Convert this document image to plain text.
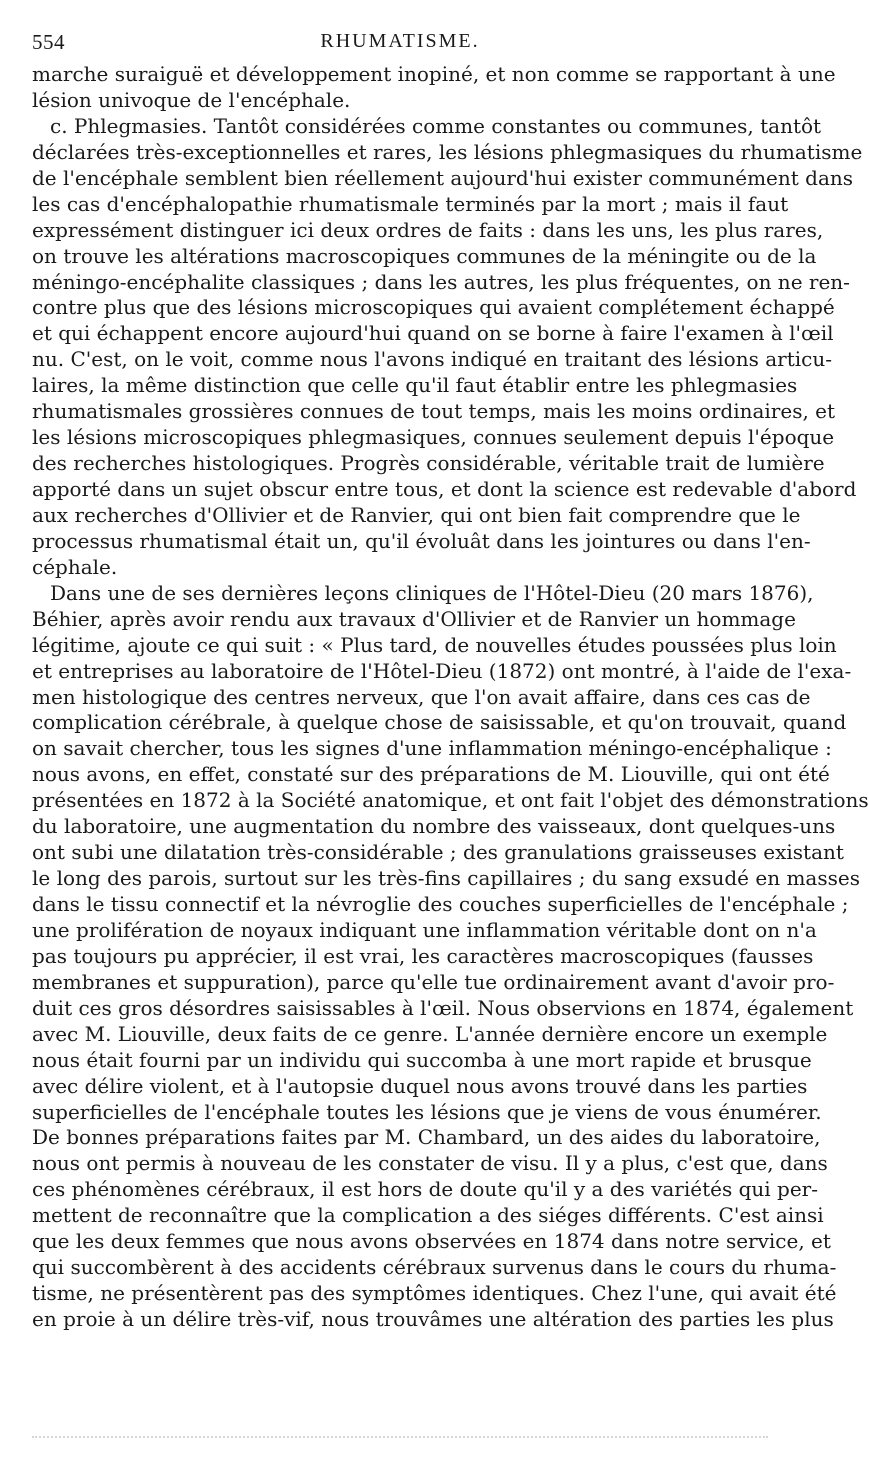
554	RHUMATISME.
marche suraiguë et développement inopiné, et non comme se rapportant à une
lésion univoque de l'encéphale.
c. Phlegmasies. Tantôt considérées comme constantes ou communes, tantôt
déclarées très-exceptionnelles et rares, les lésions phlegmasiques du rhumatisme
de l'encéphale semblent bien réellement aujourd'hui exister communément dans
les cas d'encéphalopathie rhumatismale terminés par la mort ; mais il faut
expressément distinguer ici deux ordres de faits : dans les uns, les plus rares,
on trouve les altérations macroscopiques communes de la méningite ou de la
méningo-encéphalite classiques ; dans les autres, les plus fréquentes, on ne ren-
contre plus que des lésions microscopiques qui avaient complétement échappé
et qui échappent encore aujourd'hui quand on se borne à faire l'examen à l'œil
nu. C'est, on le voit, comme nous l'avons indiqué en traitant des lésions articu-
laires, la même distinction que celle qu'il faut établir entre les phlegmasies
rhumatismales grossières connues de tout temps, mais les moins ordinaires, et
les lésions microscopiques phlegmasiques, connues seulement depuis l'époque
des recherches histologiques. Progrès considérable, véritable trait de lumière
apporté dans un sujet obscur entre tous, et dont la science est redevable d'abord
aux recherches d'Ollivier et de Ranvier, qui ont bien fait comprendre que le
processus rhumatismal était un, qu'il évoluât dans les jointures ou dans l'en-
céphale.
Dans une de ses dernières leçons cliniques de l'Hôtel-Dieu (20 mars 1876),
Béhier, après avoir rendu aux travaux d'Ollivier et de Ranvier un hommage
légitime, ajoute ce qui suit : « Plus tard, de nouvelles études poussées plus loin
et entreprises au laboratoire de l'Hôtel-Dieu (1872) ont montré, à l'aide de l'exa-
men histologique des centres nerveux, que l'on avait affaire, dans ces cas de
complication cérébrale, à quelque chose de saisissable, et qu'on trouvait, quand
on savait chercher, tous les signes d'une inflammation méningo-encéphalique :
nous avons, en effet, constaté sur des préparations de M. Liouville, qui ont été
présentées en 1872 à la Société anatomique, et ont fait l'objet des démonstrations
du laboratoire, une augmentation du nombre des vaisseaux, dont quelques-uns
ont subi une dilatation très-considérable ; des granulations graisseuses existant
le long des parois, surtout sur les très-fins capillaires ; du sang exsudé en masses
dans le tissu connectif et la névroglie des couches superficielles de l'encéphale ;
une prolifération de noyaux indiquant une inflammation véritable dont on n'a
pas toujours pu apprécier, il est vrai, les caractères macroscopiques (fausses
membranes et suppuration), parce qu'elle tue ordinairement avant d'avoir pro-
duit ces gros désordres saisissables à l'œil. Nous observions en 1874, également
avec M. Liouville, deux faits de ce genre. L'année dernière encore un exemple
nous était fourni par un individu qui succomba à une mort rapide et brusque
avec délire violent, et à l'autopsie duquel nous avons trouvé dans les parties
superficielles de l'encéphale toutes les lésions que je viens de vous énumérer.
De bonnes préparations faites par M. Chambard, un des aides du laboratoire,
nous ont permis à nouveau de les constater de visu. Il y a plus, c'est que, dans
ces phénomènes cérébraux, il est hors de doute qu'il y a des variétés qui per-
mettent de reconnaître que la complication a des siéges différents. C'est ainsi
que les deux femmes que nous avons observées en 1874 dans notre service, et
qui succombèrent à des accidents cérébraux survenus dans le cours du rhuma-
tisme, ne présentèrent pas des symptômes identiques. Chez l'une, qui avait été
en proie à un délire très-vif, nous trouvâmes une altération des parties les plus
